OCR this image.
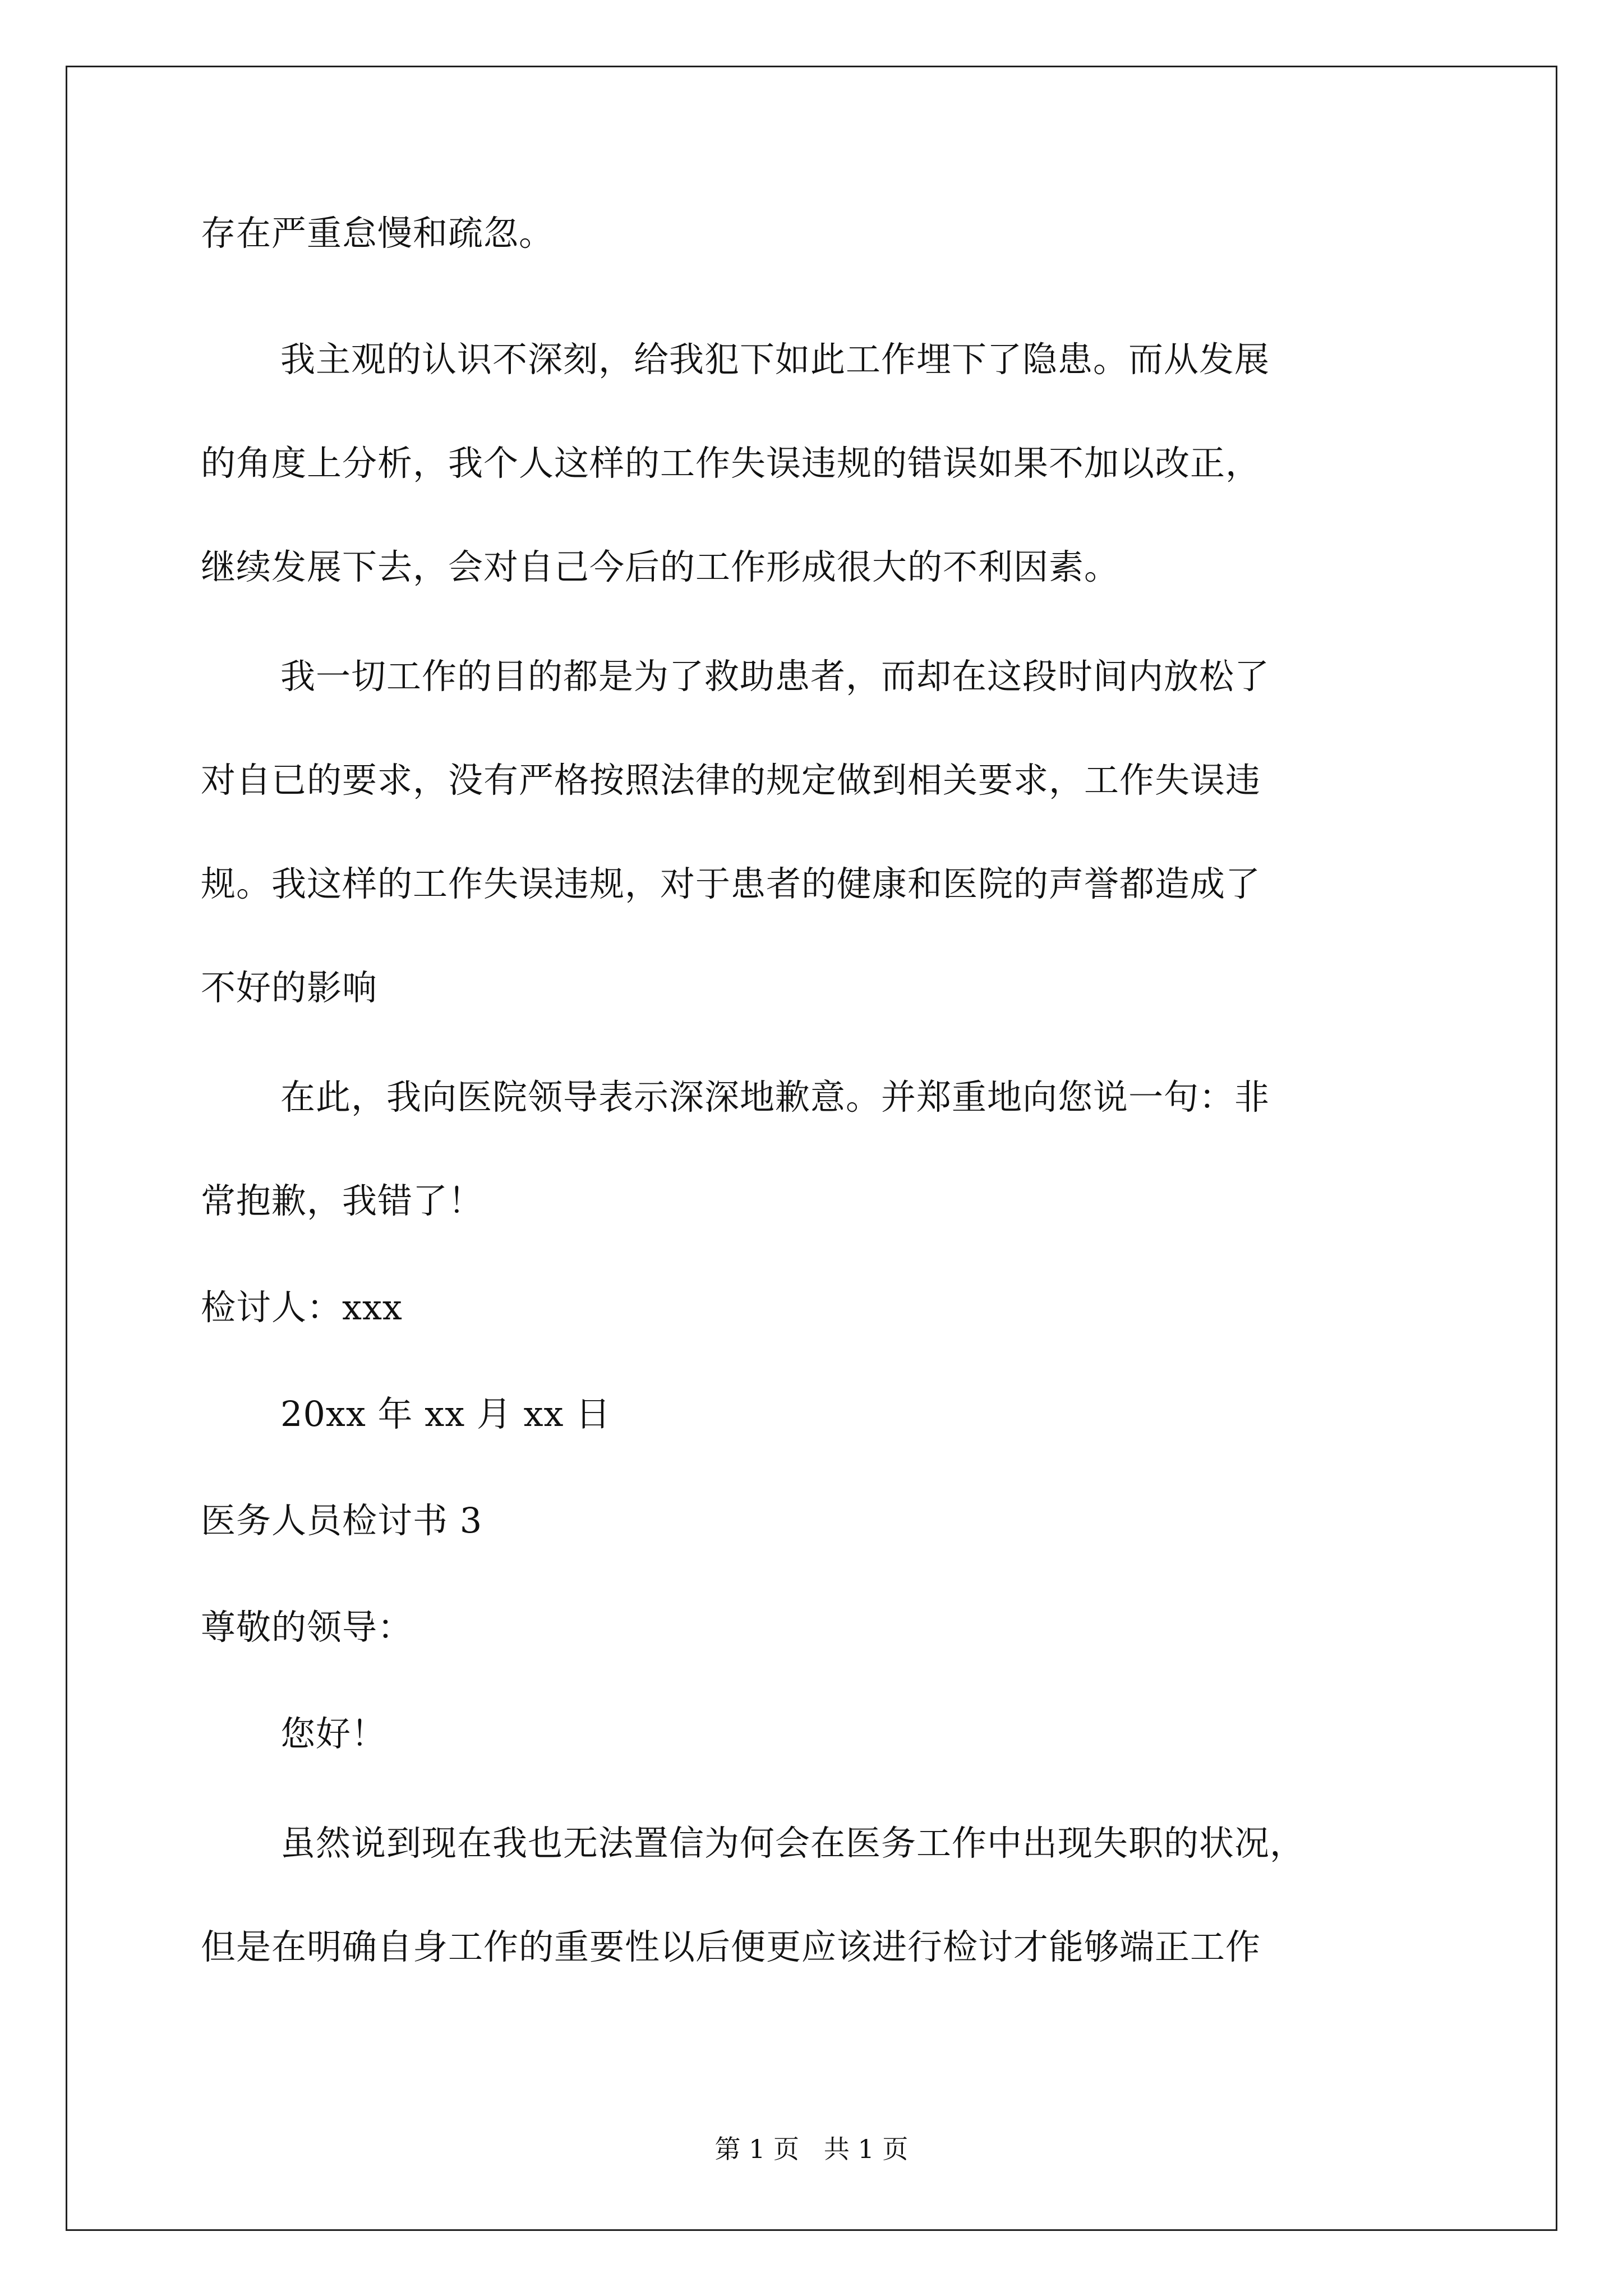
存在严重怠慢和疏忽。
我主观的认识不深刻，给我犯下如此工作埋下了隐患。而从发展
的角度上分析，我个人这样的工作失误违规的错误如果不加以改正，
继续发展下去，会对自己今后的工作形成很大的不利因素。
我一切工作的目的都是为了救助患者，而却在这段时间内放松了
对自已的要求，没有严格按照法律的规定做到相关要求，工作失误违
规。我这样的工作失误违规，对于患者的健康和医院的声誉都造成了
不好的影响
在此，我向医院领导表示深深地歉意。并郑重地向您说一句：非
常抱歉，我错了！
检讨人：xxx
20xx 年 xx 月 xx 日
医务人员检讨书 3
尊敬的领导：
您好！
虽然说到现在我也无法置信为何会在医务工作中出现失职的状况，
但是在明确自身工作的重要性以后便更应该进行检讨才能够端正工作
第 1 页   共 1 页
